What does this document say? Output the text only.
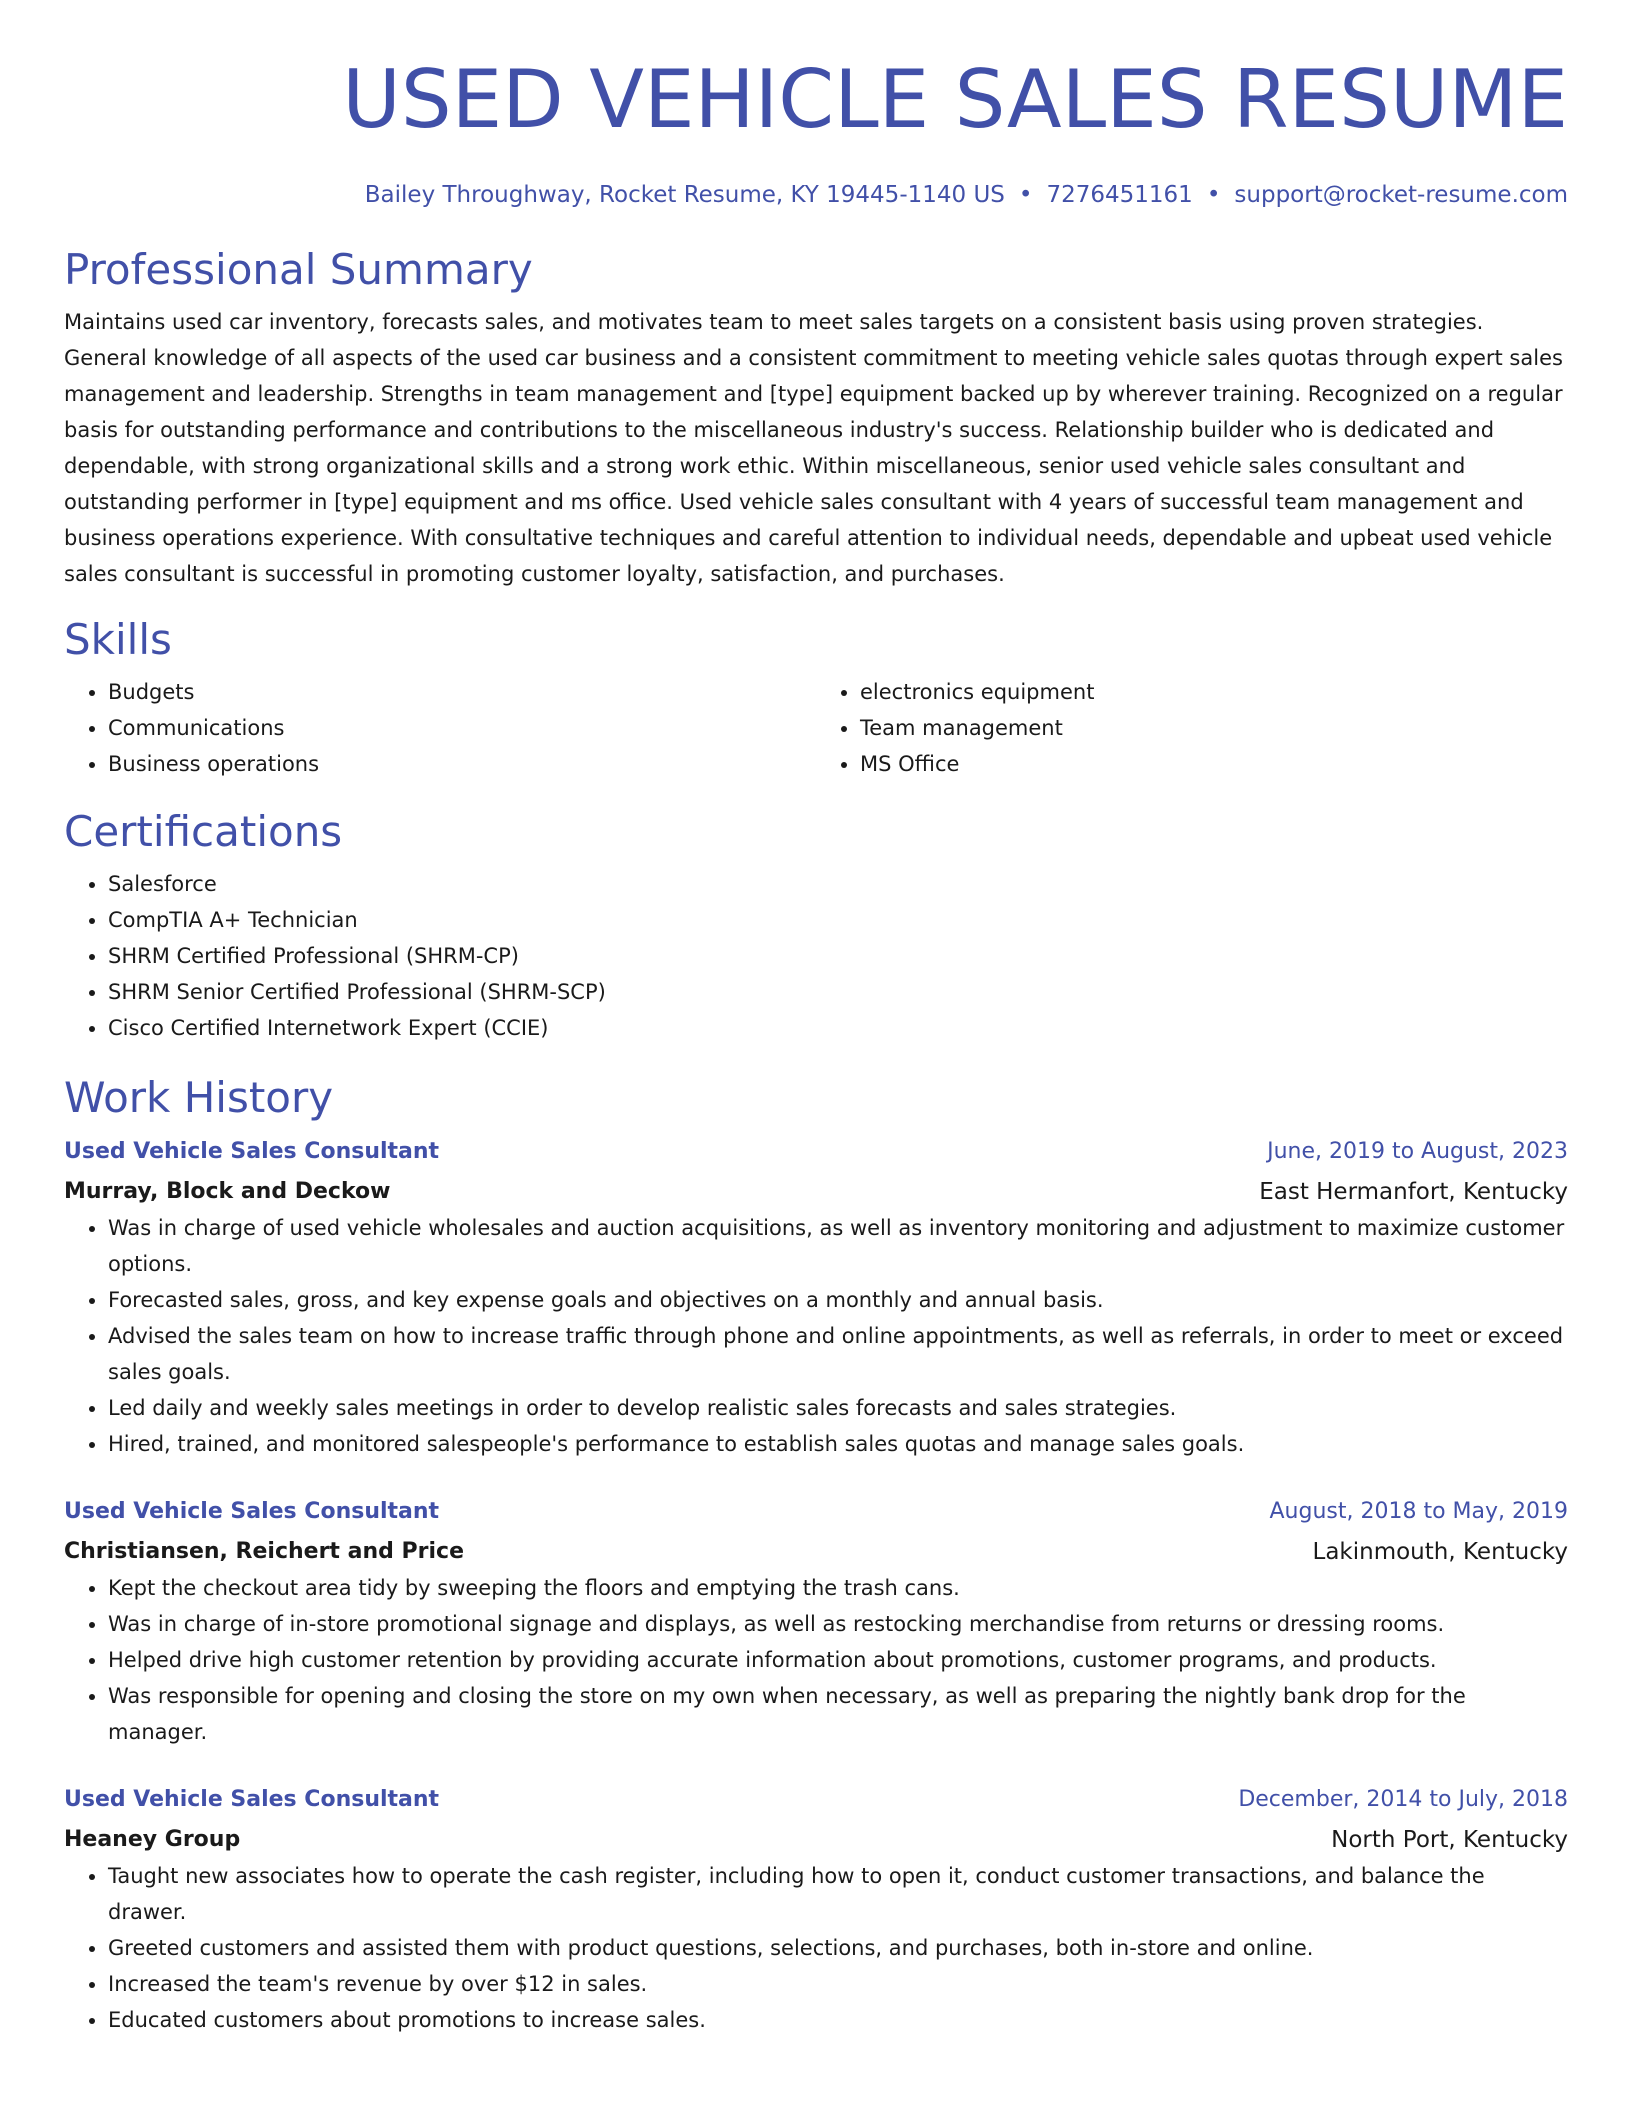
USED VEHICLE SALES RESUME
Bailey Throughway, Rocket Resume, KY 19445-1140 US • 7276451161 • support@rocket-resume.com
Professional Summary

Maintains used car inventory, forecasts sales, and motivates team to meet sales targets on a consistent basis using proven strategies. General knowledge of all aspects of the used car business and a consistent commitment to meeting vehicle sales quotas through expert sales management and leadership. Strengths in team management and [type] equipment backed up by wherever training. Recognized on a regular basis for outstanding performance and contributions to the miscellaneous industry's success. Relationship builder who is dedicated and dependable, with strong organizational skills and a strong work ethic. Within miscellaneous, senior used vehicle sales consultant and outstanding performer in [type] equipment and ms office. Used vehicle sales consultant with 4 years of successful team management and business operations experience. With consultative techniques and careful attention to individual needs, dependable and upbeat used vehicle sales consultant is successful in promoting customer loyalty, satisfaction, and purchases.

Skills
• Budgets
• Communications
• Business operations
• electronics equipment
• Team management
• MS Office
Certifications
• Salesforce
• CompTIA A+ Technician
• SHRM Certified Professional (SHRM-CP)
• SHRM Senior Certified Professional (SHRM-SCP)
• Cisco Certified Internetwork Expert (CCIE)
Work History
Used Vehicle Sales Consultant	June, 2019 to August, 2023
Murray, Block and Deckow	East Hermanfort, Kentucky
• Was in charge of used vehicle wholesales and auction acquisitions, as well as inventory monitoring and adjustment to maximize customer options.
• Forecasted sales, gross, and key expense goals and objectives on a monthly and annual basis.
• Advised the sales team on how to increase traffic through phone and online appointments, as well as referrals, in order to meet or exceed sales goals.
• Led daily and weekly sales meetings in order to develop realistic sales forecasts and sales strategies.
• Hired, trained, and monitored salespeople's performance to establish sales quotas and manage sales goals.
Used Vehicle Sales Consultant	August, 2018 to May, 2019
Christiansen, Reichert and Price	Lakinmouth, Kentucky
• Kept the checkout area tidy by sweeping the floors and emptying the trash cans.
• Was in charge of in-store promotional signage and displays, as well as restocking merchandise from returns or dressing rooms.
• Helped drive high customer retention by providing accurate information about promotions, customer programs, and products.
• Was responsible for opening and closing the store on my own when necessary, as well as preparing the nightly bank drop for the manager.
Used Vehicle Sales Consultant	December, 2014 to July, 2018
Heaney Group	North Port, Kentucky
• Taught new associates how to operate the cash register, including how to open it, conduct customer transactions, and balance the drawer.
• Greeted customers and assisted them with product questions, selections, and purchases, both in-store and online.
• Increased the team's revenue by over $12 in sales.
• Educated customers about promotions to increase sales.
